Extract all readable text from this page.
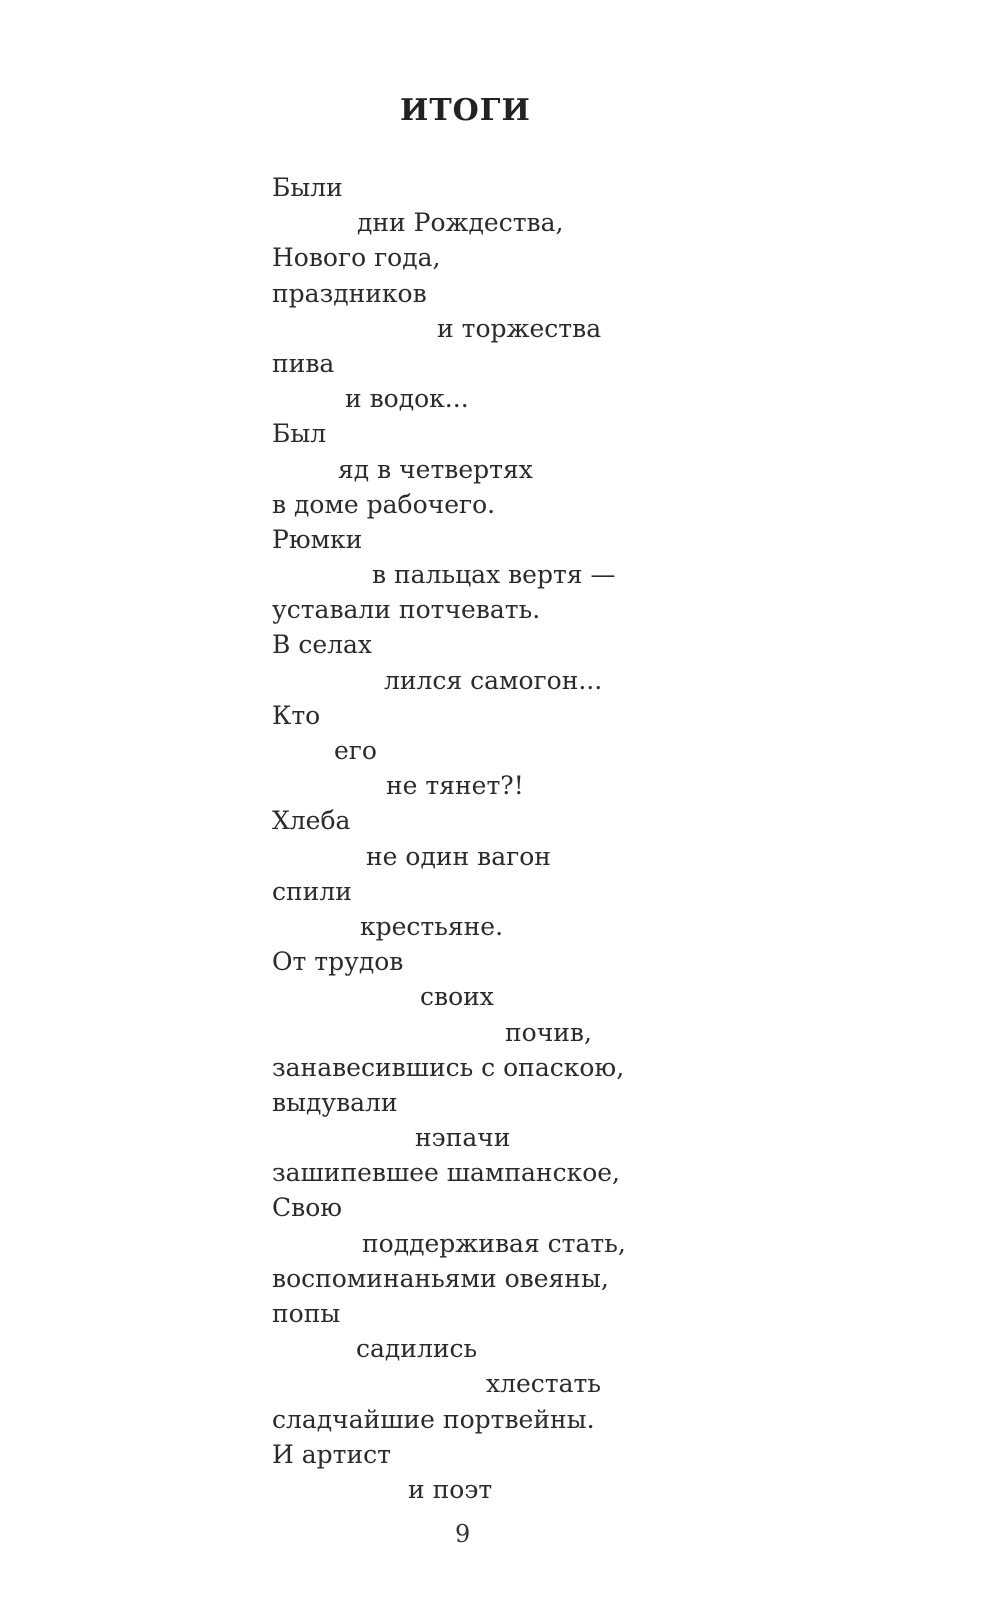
ИТОГИ
Были
дни Рождества,
Нового года,
праздников
и торжества
пива
и водок...
Был
яд в четвертях
в доме рабочего.
Рюмки
в пальцах вертя —
уставали потчевать.
В селах
лился самогон...
Кто
его
не тянет?!
Хлеба
не один вагон
спили
крестьяне.
От трудов
своих
почив,
занавесившись с опаскою,
выдували
нэпачи
зашипевшее шампанское,
Свою
поддерживая стать,
воспоминаньями овеяны,
попы
садились
хлестать
сладчайшие портвейны.
И артист
и поэт
9
